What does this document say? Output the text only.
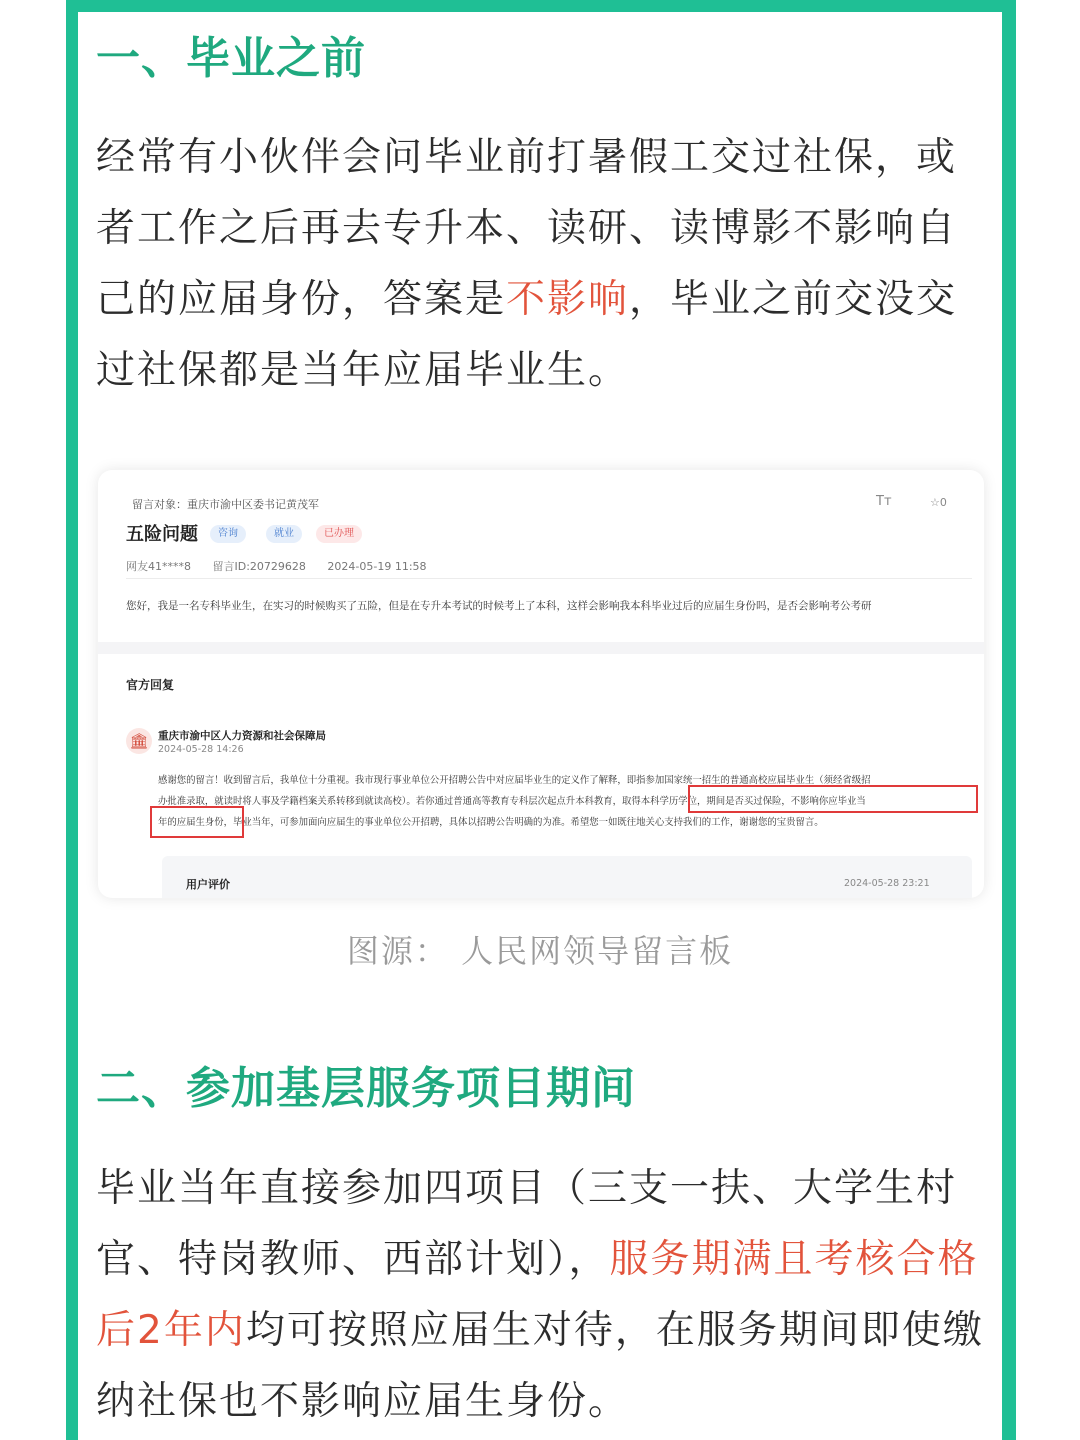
一、毕业之前

经常有小伙伴会问毕业前打暑假工交过社保，或者工作之后再去专升本、读研、读博影不影响自己的应届身份，答案是不影响，毕业之前交没交过社保都是当年应届毕业生。

留言对象：重庆市渝中区委书记黄茂军	Tт	☆0
五险问题	咨询	就业	已办理
网友41****8 留言ID:20729628 2024-05-19 11:58
您好，我是一名专科毕业生，在实习的时候购买了五险，但是在专升本考试的时候考上了本科，这样会影响我本科毕业过后的应届生身份吗，是否会影响考公考研
官方回复
🏛 重庆市渝中区人力资源和社会保障局
2024-05-28 14:26
感谢您的留言！收到留言后，我单位十分重视。我市现行事业单位公开招聘公告中对应届毕业生的定义作了解释，即指参加国家统一招生的普通高校应届毕业生（须经省级招
办批准录取，就读时将人事及学籍档案关系转移到就读高校）。若你通过普通高等教育专科层次起点升本科教育，取得本科学历学位，期间是否买过保险，不影响你应毕业当
年的应届生身份，毕业当年，可参加面向应届生的事业单位公开招聘，具体以招聘公告明确的为准。希望您一如既往地关心支持我们的工作，谢谢您的宝贵留言。
用户评价	2024-05-28 23:21
图源： 人民网领导留言板
二、参加基层服务项目期间

毕业当年直接参加四项目（三支一扶、大学生村官、特岗教师、西部计划），服务期满且考核合格后2年内均可按照应届生对待，在服务期间即使缴纳社保也不影响应届生身份。
